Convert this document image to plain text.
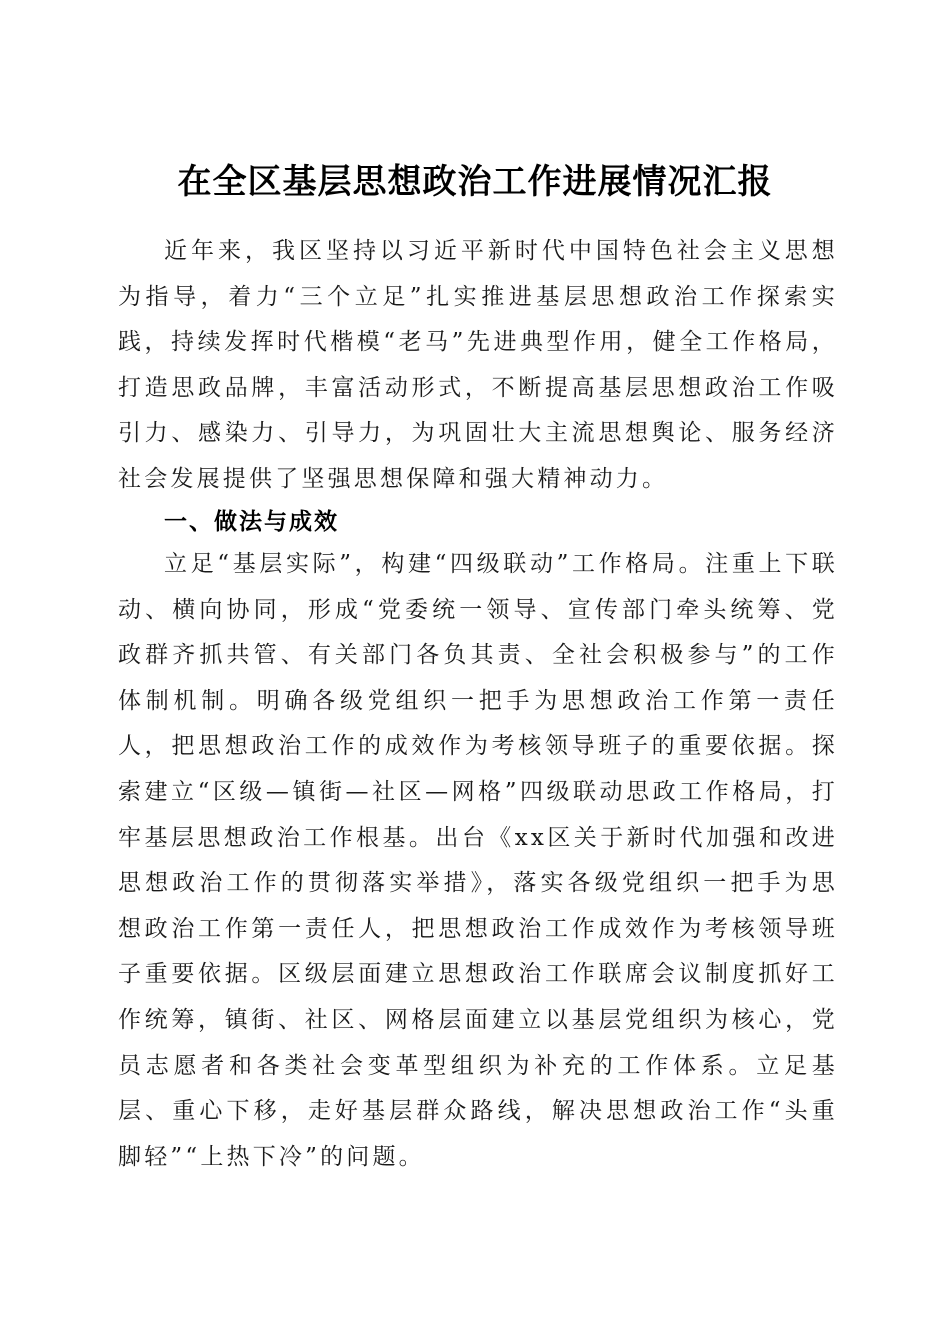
在全区基层思想政治工作进展情况汇报

近年来，我区坚持以习近平新时代中国特色社会主义思想为指导，着力“三个立足”扎实推进基层思想政治工作探索实践，持续发挥时代楷模“老马”先进典型作用，健全工作格局，打造思政品牌，丰富活动形式，不断提高基层思想政治工作吸引力、感染力、引导力，为巩固壮大主流思想舆论、服务经济社会发展提供了坚强思想保障和强大精神动力。

一、做法与成效

立足“基层实际”，构建“四级联动”工作格局。注重上下联动、横向协同，形成“党委统一领导、宣传部门牵头统筹、党政群齐抓共管、有关部门各负其责、全社会积极参与”的工作体制机制。明确各级党组织一把手为思想政治工作第一责任人，把思想政治工作的成效作为考核领导班子的重要依据。探索建立“区级—镇街—社区—网格”四级联动思政工作格局，打牢基层思想政治工作根基。出台《xx区关于新时代加强和改进思想政治工作的贯彻落实举措》，落实各级党组织一把手为思想政治工作第一责任人，把思想政治工作成效作为考核领导班子重要依据。区级层面建立思想政治工作联席会议制度抓好工作统筹，镇街、社区、网格层面建立以基层党组织为核心，党员志愿者和各类社会变革型组织为补充的工作体系。立足基层、重心下移，走好基层群众路线，解决思想政治工作“头重脚轻”“上热下冷”的问题。
